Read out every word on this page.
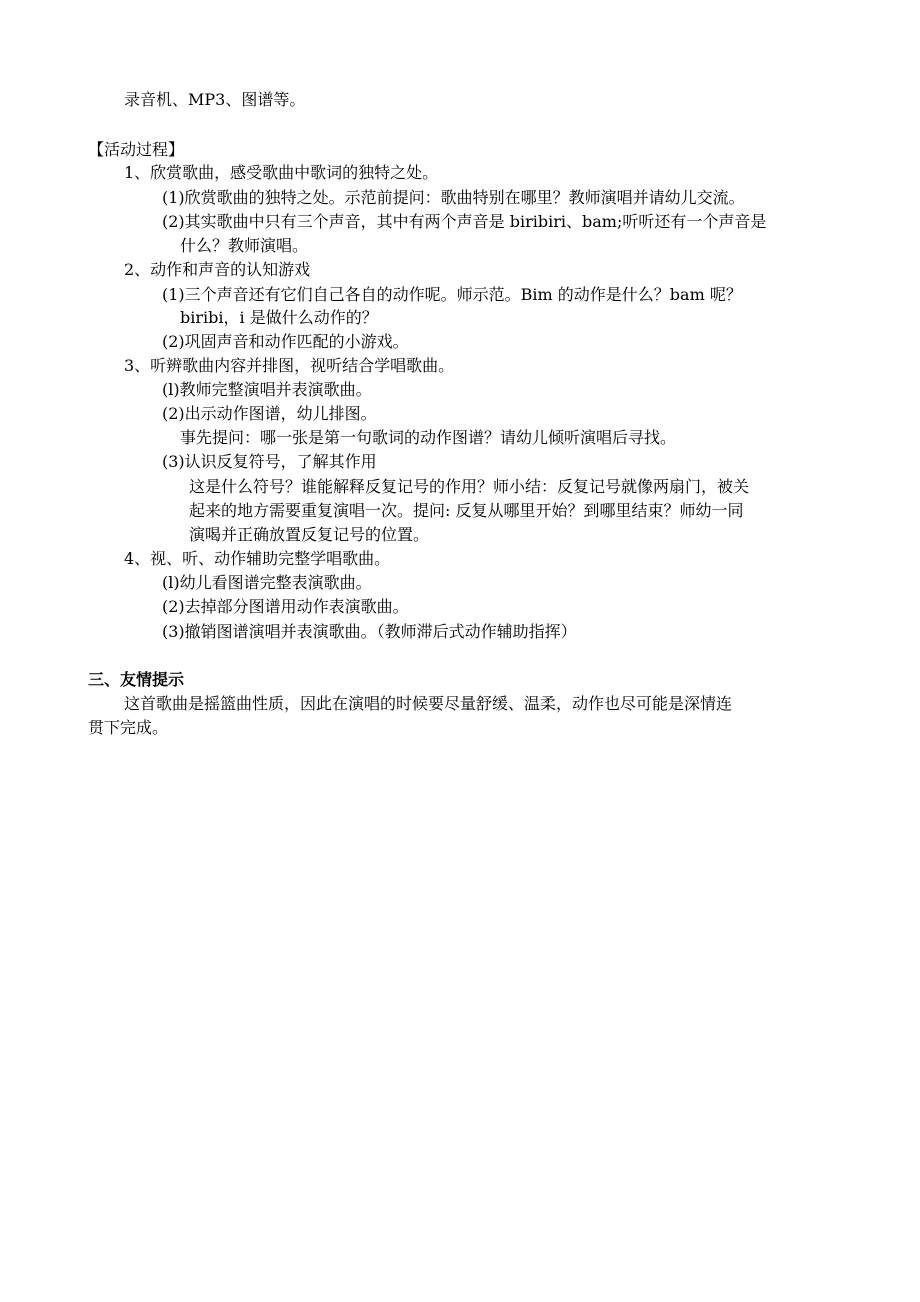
录音机、MP3、图谱等。
【活动过程】
1、欣赏歌曲，感受歌曲中歌词的独特之处。
(1)欣赏歌曲的独特之处。示范前提问：歌曲特别在哪里？教师演唱并请幼儿交流。
(2)其实歌曲中只有三个声音，其中有两个声音是 biribiri、bam;听听还有一个声音是
什么？教师演唱。
2、动作和声音的认知游戏
(1)三个声音还有它们自己各自的动作呢。师示范。Bim 的动作是什么？bam 呢？
biribi，i 是做什么动作的？
(2)巩固声音和动作匹配的小游戏。
3、听辨歌曲内容并排图，视听结合学唱歌曲。
(l)教师完整演唱并表演歌曲。
(2)出示动作图谱，幼儿排图。
事先提问：哪一张是第一句歌词的动作图谱？请幼儿倾听演唱后寻找。
(3)认识反复符号，了解其作用
这是什么符号？谁能解释反复记号的作用？师小结：反复记号就像两扇门，被关
起来的地方需要重复演唱一次。提问: 反复从哪里开始？到哪里结束？师幼一同
演喝并正确放置反复记号的位置。
4、视、听、动作辅助完整学唱歌曲。
(l)幼儿看图谱完整表演歌曲。
(2)去掉部分图谱用动作表演歌曲。
(3)撤销图谱演唱并表演歌曲。（教师滞后式动作辅助指挥）
三、友情提示
这首歌曲是摇篮曲性质，因此在演唱的时候要尽量舒缓、温柔，动作也尽可能是深情连
贯下完成。
